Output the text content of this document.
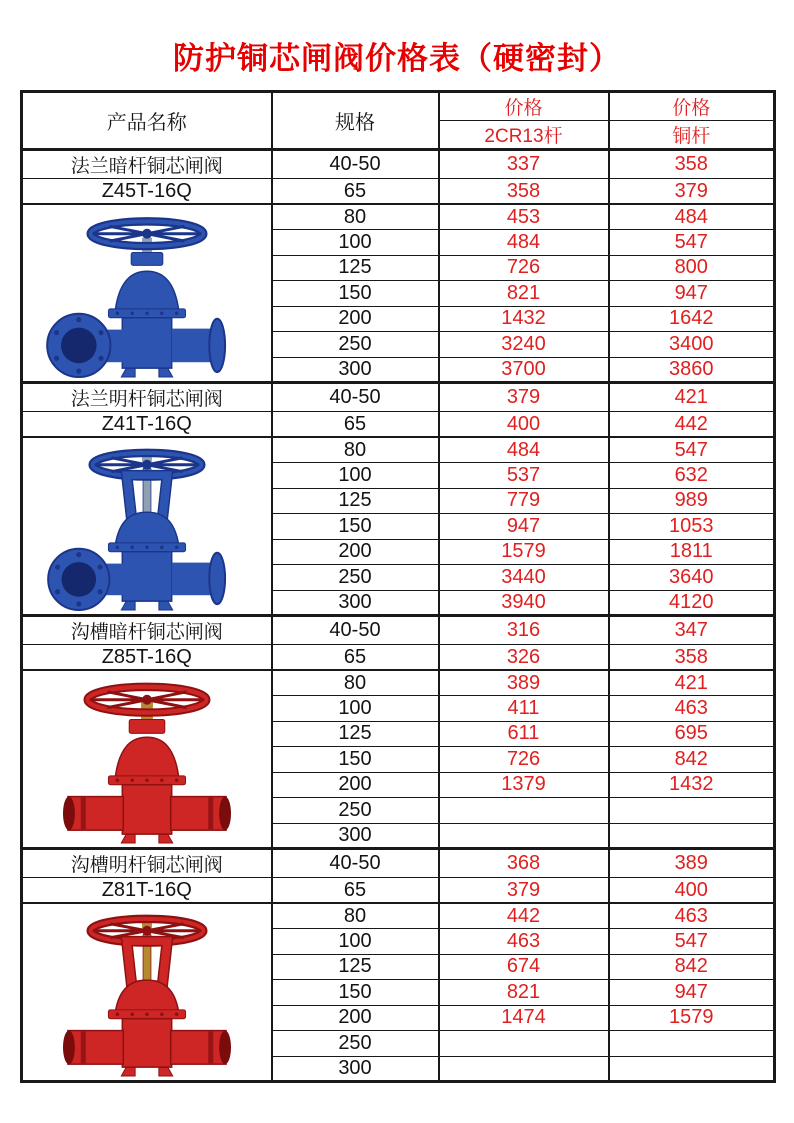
防护铜芯闸阀价格表（硬密封）
产品名称	规格	价格	价格
		2CR13杆	铜杆
法兰暗杆铜芯闸阀	40-50	337	358
Z45T-16Q	65	358	379

	80	453	484
	100	484	547
	125	726	800
	150	821	947
	200	1432	1642
	250	3240	3400
	300	3700	3860
法兰明杆铜芯闸阀	40-50	379	421
Z41T-16Q	65	400	442

	80	484	547
	100	537	632
	125	779	989
	150	947	1053
	200	1579	1811
	250	3440	3640
	300	3940	4120
沟槽暗杆铜芯闸阀	40-50	316	347
Z85T-16Q	65	326	358

	80	389	421
	100	411	463
	125	611	695
	150	726	842
	200	1379	1432
	250		
	300		
沟槽明杆铜芯闸阀	40-50	368	389
Z81T-16Q	65	379	400

	80	442	463
	100	463	547
	125	674	842
	150	821	947
	200	1474	1579
	250		
	300		
